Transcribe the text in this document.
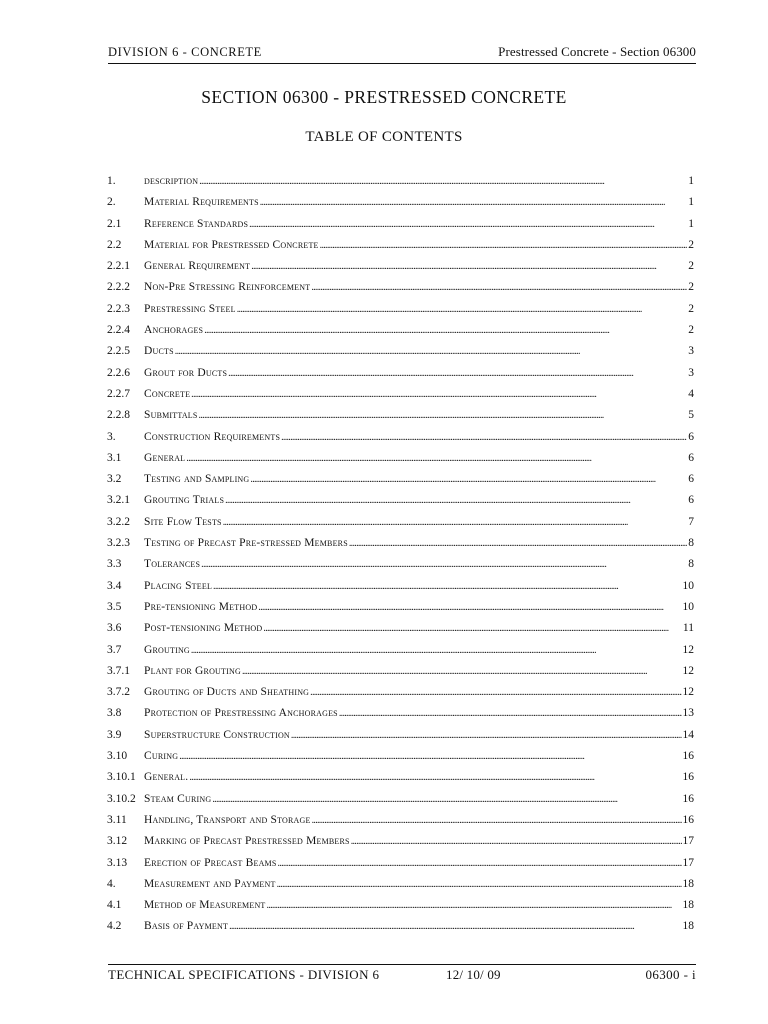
DIVISION 6 - CONCRETE	Prestressed Concrete - Section 06300
SECTION 06300 - PRESTRESSED CONCRETE
TABLE OF CONTENTS
1.	description . . .	1
2.	Material Requirements . . .	1
2.1	Reference Standards . . .	1
2.2	Material for Prestressed Concrete . . .	2
2.2.1	General Requirement . . .	2
2.2.2	Non-Pre Stressing Reinforcement . . .	2
2.2.3	Prestressing Steel . . .	2
2.2.4	Anchorages . . .	2
2.2.5	Ducts . . .	3
2.2.6	Grout for Ducts . . .	3
2.2.7	Concrete . . .	4
2.2.8	Submittals . . .	5
3.	Construction Requirements . . .	6
3.1	General . . .	6
3.2	Testing and Sampling . . .	6
3.2.1	Grouting Trials . . .	6
3.2.2	Site Flow Tests . . .	7
3.2.3	Testing of Precast Pre-stressed Members . . .	8
3.3	Tolerances . . .	8
3.4	Placing Steel . . .	10
3.5	Pre-tensioning Method . . .	10
3.6	Post-tensioning Method . . .	11
3.7	Grouting . . .	12
3.7.1	Plant for Grouting . . .	12
3.7.2	Grouting of Ducts and Sheathing . . .	12
3.8	Protection of Prestressing Anchorages . . .	13
3.9	Superstructure Construction . . .	14
3.10	Curing . . .	16
3.10.1 General. . . .	16
3.10.2 Steam Curing . . .	16
3.11	Handling, Transport and Storage . . .	16
3.12	Marking of Precast Prestressed Members . . .	17
3.13	Erection of Precast Beams . . .	17
4.	Measurement and Payment . . .	18
4.1	Method of Measurement . . .	18
4.2	Basis of Payment . . .	18
TECHNICAL SPECIFICATIONS - DIVISION 6	12/ 10/ 09	06300 - i
